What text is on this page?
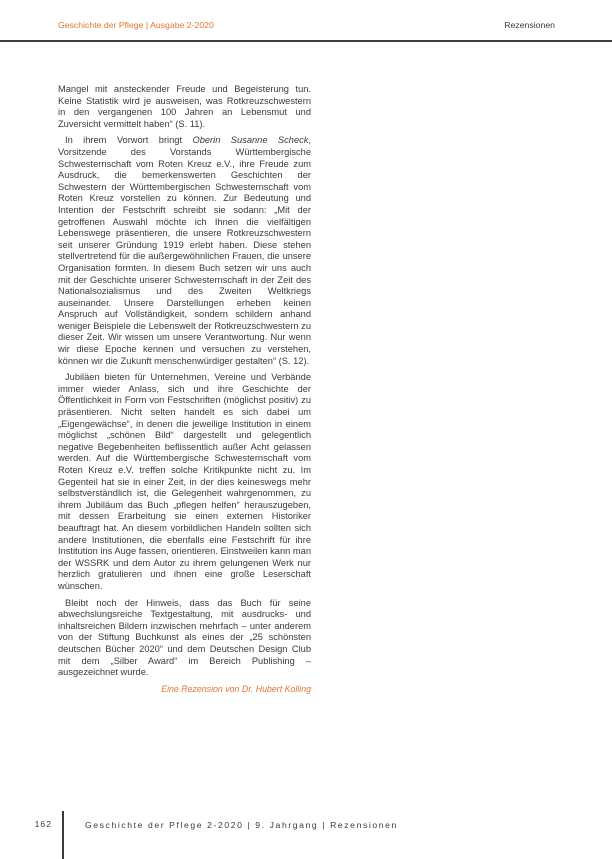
Geschichte der Pflege | Ausgabe 2-2020	Rezensionen

Mangel mit ansteckender Freude und Begeisterung tun. Keine Statistik wird je ausweisen, was Rotkreuzschwestern in den vergangenen 100 Jahren an Lebensmut und Zuversicht vermittelt haben“ (S. 11).

In ihrem Vorwort bringt Oberin Susanne Scheck, Vorsitzende des Vorstands Württembergische Schwesternschaft vom Roten Kreuz e.V., ihre Freude zum Ausdruck, die bemerkenswerten Geschichten der Schwestern der Württembergischen Schwesternschaft vom Roten Kreuz vorstellen zu können. Zur Bedeutung und Intention der Festschrift schreibt sie sodann: „Mit der getroffenen Auswahl möchte ich Ihnen die vielfältigen Lebenswege präsentieren, die unsere Rotkreuzschwestern seit unserer Gründung 1919 erlebt haben. Diese stehen stellvertretend für die außergewöhnlichen Frauen, die unsere Organisation formten. In diesem Buch setzen wir uns auch mit der Geschichte unserer Schwesternschaft in der Zeit des Nationalsozialismus und des Zweiten Weltkriegs auseinander. Unsere Darstellungen erheben keinen Anspruch auf Vollständigkeit, sondern schildern anhand weniger Beispiele die Lebenswelt der Rotkreuzschwestern zu dieser Zeit. Wir wissen um unsere Verantwortung. Nur wenn wir diese Epoche kennen und versuchen zu verstehen, können wir die Zukunft menschenwürdiger gestalten“ (S. 12).

Jubiläen bieten für Unternehmen, Vereine und Verbände immer wieder Anlass, sich und ihre Geschichte der Öffentlichkeit in Form von Festschriften (möglichst positiv) zu präsentieren. Nicht selten handelt es sich dabei um „Eigengewächse“, in denen die jeweilige Institution in einem möglichst „schönen Bild“ dargestellt und gelegentlich negative Begebenheiten beflissentlich außer Acht gelassen werden. Auf die Württembergische Schwesternschaft vom Roten Kreuz e.V. treffen solche Kritikpunkte nicht zu. Im Gegenteil hat sie in einer Zeit, in der dies keineswegs mehr selbstverständlich ist, die Gelegenheit wahrgenommen, zu ihrem Jubiläum das Buch „pflegen helfen“ herauszugeben, mit dessen Erarbeitung sie einen externen Historiker beauftragt hat. An diesem vorbildlichen Handeln sollten sich andere Institutionen, die ebenfalls eine Festschrift für ihre Institution ins Auge fassen, orientieren. Einstweilen kann man der WSSRK und dem Autor zu ihrem gelungenen Werk nur herzlich gratulieren und ihnen eine große Leserschaft wünschen.

Bleibt noch der Hinweis, dass das Buch für seine abwechslungsreiche Textgestaltung, mit ausdrucks- und inhaltsreichen Bildern inzwischen mehrfach – unter anderem von der Stiftung Buchkunst als eines der „25 schönsten deutschen Bücher 2020“ und dem Deutschen Design Club mit dem „Silber Award“ im Bereich Publishing – ausgezeichnet wurde.

Eine Rezension von Dr. Hubert Kolling

162	Geschichte der Pflege 2-2020 | 9. Jahrgang | Rezensionen
